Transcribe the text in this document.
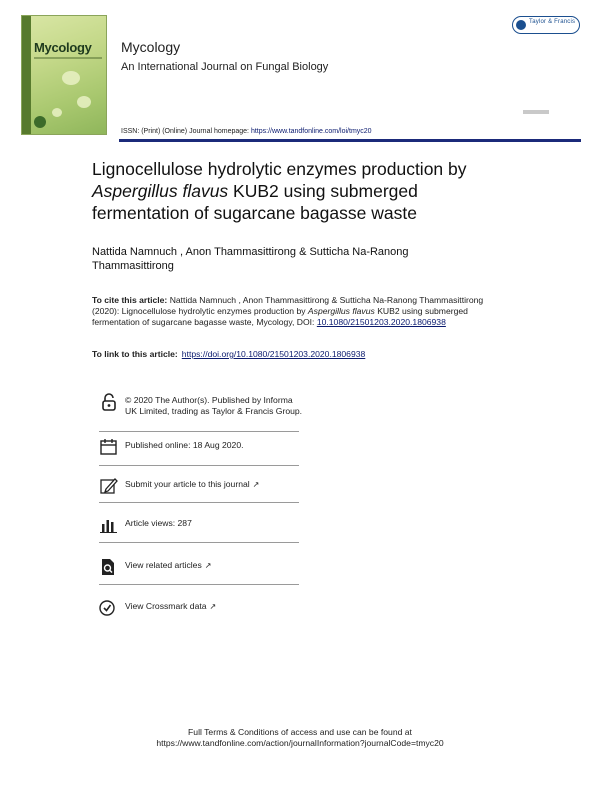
Mycology Mycology
An International Journal on Fungal Biology
ISSN: (Print) (Online) Journal homepage: https://www.tandfonline.com/loi/tmyc20
Taylor & Francis
Lignocellulose hydrolytic enzymes production by Aspergillus flavus KUB2 using submerged fermentation of sugarcane bagasse waste
Nattida Namnuch , Anon Thammasittirong & Sutticha Na-Ranong Thammasittirong
To cite this article: Nattida Namnuch , Anon Thammasittirong & Sutticha Na-Ranong Thammasittirong (2020): Lignocellulose hydrolytic enzymes production by Aspergillus flavus KUB2 using submerged fermentation of sugarcane bagasse waste, Mycology, DOI: 10.1080/21501203.2020.1806938
To link to this article: https://doi.org/10.1080/21501203.2020.1806938
© 2020 The Author(s). Published by Informa UK Limited, trading as Taylor & Francis Group.
Published online: 18 Aug 2020.
Submit your article to this journal ↗
Article views: 287
View related articles ↗
View Crossmark data ↗
Full Terms & Conditions of access and use can be found at
https://www.tandfonline.com/action/journalInformation?journalCode=tmyc20
